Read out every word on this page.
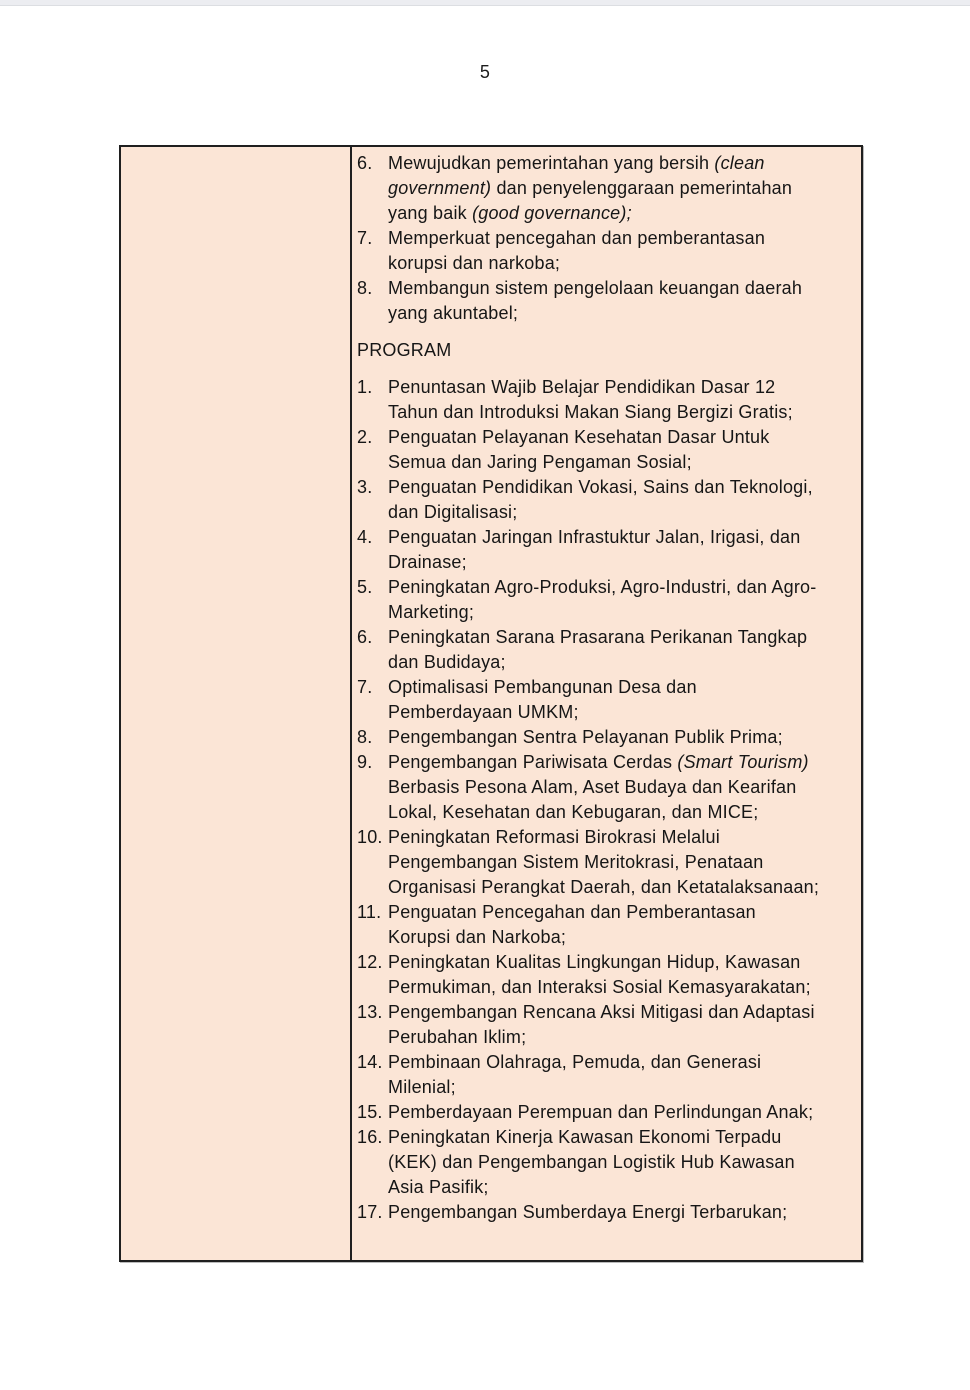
5
6. Mewujudkan pemerintahan yang bersih (clean
government) dan penyelenggaraan pemerintahan
yang baik (good governance);
7. Memperkuat pencegahan dan pemberantasan
korupsi dan narkoba;
8. Membangun sistem pengelolaan keuangan daerah
yang akuntabel;
PROGRAM
1. Penuntasan Wajib Belajar Pendidikan Dasar 12
Tahun dan Introduksi Makan Siang Bergizi Gratis;
2. Penguatan Pelayanan Kesehatan Dasar Untuk
Semua dan Jaring Pengaman Sosial;
3. Penguatan Pendidikan Vokasi, Sains dan Teknologi,
dan Digitalisasi;
4. Penguatan Jaringan Infrastuktur Jalan, Irigasi, dan
Drainase;
5. Peningkatan Agro-Produksi, Agro-Industri, dan Agro-
Marketing;
6. Peningkatan Sarana Prasarana Perikanan Tangkap
dan Budidaya;
7. Optimalisasi Pembangunan Desa dan
Pemberdayaan UMKM;
8. Pengembangan Sentra Pelayanan Publik Prima;
9. Pengembangan Pariwisata Cerdas (Smart Tourism)
Berbasis Pesona Alam, Aset Budaya dan Kearifan
Lokal, Kesehatan dan Kebugaran, dan MICE;
10. Peningkatan Reformasi Birokrasi Melalui
Pengembangan Sistem Meritokrasi, Penataan
Organisasi Perangkat Daerah, dan Ketatalaksanaan;
11. Penguatan Pencegahan dan Pemberantasan
Korupsi dan Narkoba;
12. Peningkatan Kualitas Lingkungan Hidup, Kawasan
Permukiman, dan Interaksi Sosial Kemasyarakatan;
13. Pengembangan Rencana Aksi Mitigasi dan Adaptasi
Perubahan Iklim;
14. Pembinaan Olahraga, Pemuda, dan Generasi
Milenial;
15. Pemberdayaan Perempuan dan Perlindungan Anak;
16. Peningkatan Kinerja Kawasan Ekonomi Terpadu
(KEK) dan Pengembangan Logistik Hub Kawasan
Asia Pasifik;
17. Pengembangan Sumberdaya Energi Terbarukan;
